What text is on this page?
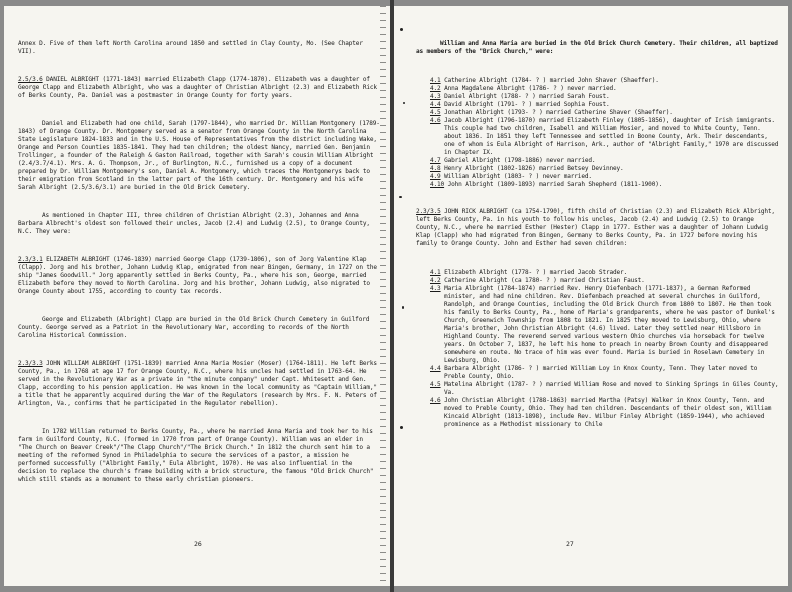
Annex D. Five of them left North Carolina around 1850 and settled in Clay County, Mo. (See Chapter VII).

2.5/3.6 DANIEL ALBRIGHT (1771-1843) married Elizabeth Clapp (1774-1870). Elizabeth was a daughter of George Clapp and Elizabeth Albright, who was a daughter of Christian Albright (2.3) and Elizabeth Rick of Berks County, Pa. Daniel was a postmaster in Orange County for forty years.

Daniel and Elizabeth had one child, Sarah (1797-1844), who married Dr. William Montgomery (1789-1843) of Orange County. Dr. Montgomery served as a senator from Orange County in the North Carolina State Legislature 1824-1833 and in the U.S. House of Representatives from the district including Wake, Orange and Person Counties 1835-1841. They had ten children; the oldest Nancy, married Gen. Benjamin Trollinger, a founder of the Raleigh & Gaston Railroad, together with Sarah's cousin William Albright (2.4/3.7/4.1). Mrs. A. G. Thompson, Jr., of Burlington, N.C., furnished us a copy of a document prepared by Dr. William Montgomery's son, Daniel A. Montgomery, which traces the Montgomerys back to their emigration from Scotland in the latter part of the 16th century. Dr. Montgomery and his wife Sarah Albright (2.5/3.6/3.1) are buried in the Old Brick Cemetery.

As mentioned in Chapter III, three children of Christian Albright (2.3), Johannes and Anna Barbara Albrecht's oldest son followed their uncles, Jacob (2.4) and Ludwig (2.5), to Orange County, N.C. They were:

2.3/3.1 ELIZABETH ALBRIGHT (1746-1839) married George Clapp (1739-1806), son of Jorg Valentine Klap (Clapp). Jorg and his brother, Johann Ludwig Klap, emigrated from near Bingen, Germany, in 1727 on the ship "James Goodwill." Jorg apparently settled in Berks County, Pa., where his son, George, married Elizabeth before they moved to North Carolina. Jorg and his brother, Johann Ludwig, also migrated to Orange County about 1755, according to county tax records.

George and Elizabeth (Albright) Clapp are buried in the Old Brick Church Cemetery in Guilford County. George served as a Patriot in the Revolutionary War, according to records of the North Carolina Historical Commission.

2.3/3.3 JOHN WILLIAM ALBRIGHT (1751-1839) married Anna Maria Mosier (Moser) (1764-1811). He left Berks County, Pa., in 1768 at age 17 for Orange County, N.C., where his uncles had settled in 1763-64. He served in the Revolutionary War as a private in "the minute company" under Capt. Whitesett and Gen. Clapp, according to his pension application. He was known in the local community as "Captain William," a title that he apparently acquired during the War of the Regulators (research by Mrs. F. N. Peters of Arlington, Va., confirms that he participated in the Regulator rebellion).

In 1782 William returned to Berks County, Pa., where he married Anna Maria and took her to his farm in Guilford County, N.C. (formed in 1770 from part of Orange County). William was an elder in "The Church on Beaver Creek"/"The Clapp Church"/"The Brick Church." In 1812 the church sent him to a meeting of the reformed Synod in Philadelphia to secure the services of a pastor, a mission he performed successfully ("Albright Family," Eula Albright, 1970). He was also influential in the decision to replace the church's frame building with a brick structure, the famous "Old Brick Church" which still stands as a monument to these early christian pioneers.

26

William and Anna Maria are buried in the Old Brick Church Cemetery. Their children, all baptized as members of the "Brick Church," were:

4.1 Catherine Albright (1784- ? ) married John Shaver (Shaeffer).
4.2 Anna Magdalene Albright (1786- ? ) never married.
4.3 Daniel Albright (1788- ? ) married Sarah Foust.
4.4 David Albright (1791- ? ) married Sophia Foust.
4.5 Jonathan Albright (1793- ? ) married Catherine Shaver (Shaeffer).
4.6 Jacob Albright (1796-1870) married Elizabeth Finley (1805-1856), daughter of Irish immigrants. This couple had two children, Isabell and William Mosier, and moved to White County, Tenn. about 1836. In 1851 they left Tennessee and settled in Boone County, Ark. Their descendants, one of whom is Eula Albright of Harrison, Ark., author of "Albright Family," 1970 are discussed in Chapter IX.
4.7 Gabriel Albright (1798-1886) never married.
4.8 Henry Albright (1802-1826) married Betsey Devinney.
4.9 William Albright (1803- ? ) never married.
4.10 John Albright (1809-1893) married Sarah Shepherd (1811-1900).

2.3/3.5 JOHN RICK ALBRIGHT (ca 1754-1790), fifth child of Christian (2.3) and Elizabeth Rick Albright, left Berks County, Pa. in his youth to follow his uncles, Jacob (2.4) and Ludwig (2.5) to Orange County, N.C., where he married Esther (Hester) Clapp in 1777. Esther was a daughter of Johann Ludwig Klap (Clapp) who had migrated from Bingen, Germany to Berks County, Pa. in 1727 before moving his family to Orange County. John and Esther had seven children:

4.1 Elizabeth Albright (1778- ? ) married Jacob Strader.
4.2 Catherine Albright (ca 1780- ? ) married Christian Faust.
4.3 Maria Albright (1784-1874) married Rev. Henry Diefenbach (1771-1837), a German Reformed minister, and had nine children. Rev. Diefenbach preached at several churches in Guilford, Randolph, and Orange Counties, including the Old Brick Church from 1800 to 1807. He then took his family to Berks County, Pa., home of Maria's grandparents, where he was pastor of Dunkel's Church, Greenwich Township from 1808 to 1821. In 1825 they moved to Lewisburg, Ohio, where Maria's brother, John Christian Albright (4.6) lived. Later they settled near Hillsboro in Highland County. The reverend served various western Ohio churches via horseback for twelve years. On October 7, 1837, he left his home to preach in nearby Brown County and disappeared somewhere en route. No trace of him was ever found. Maria is buried in Roselawn Cemetery in Lewisburg, Ohio.
4.4 Barbara Albright (1786- ? ) married William Loy in Knox County, Tenn. They later moved to Preble County, Ohio.
4.5 Matelina Albright (1787- ? ) married William Rose and moved to Sinking Springs in Giles County, Va.
4.6 John Christian Albright (1788-1863) married Martha (Patsy) Walker in Knox County, Tenn. and moved to Preble County, Ohio. They had ten children. Descendants of their oldest son, William Kincaid Albright (1813-1898), include Rev. Wilbur Finley Albright (1859-1944), who achieved prominence as a Methodist missionary to Chile

27
